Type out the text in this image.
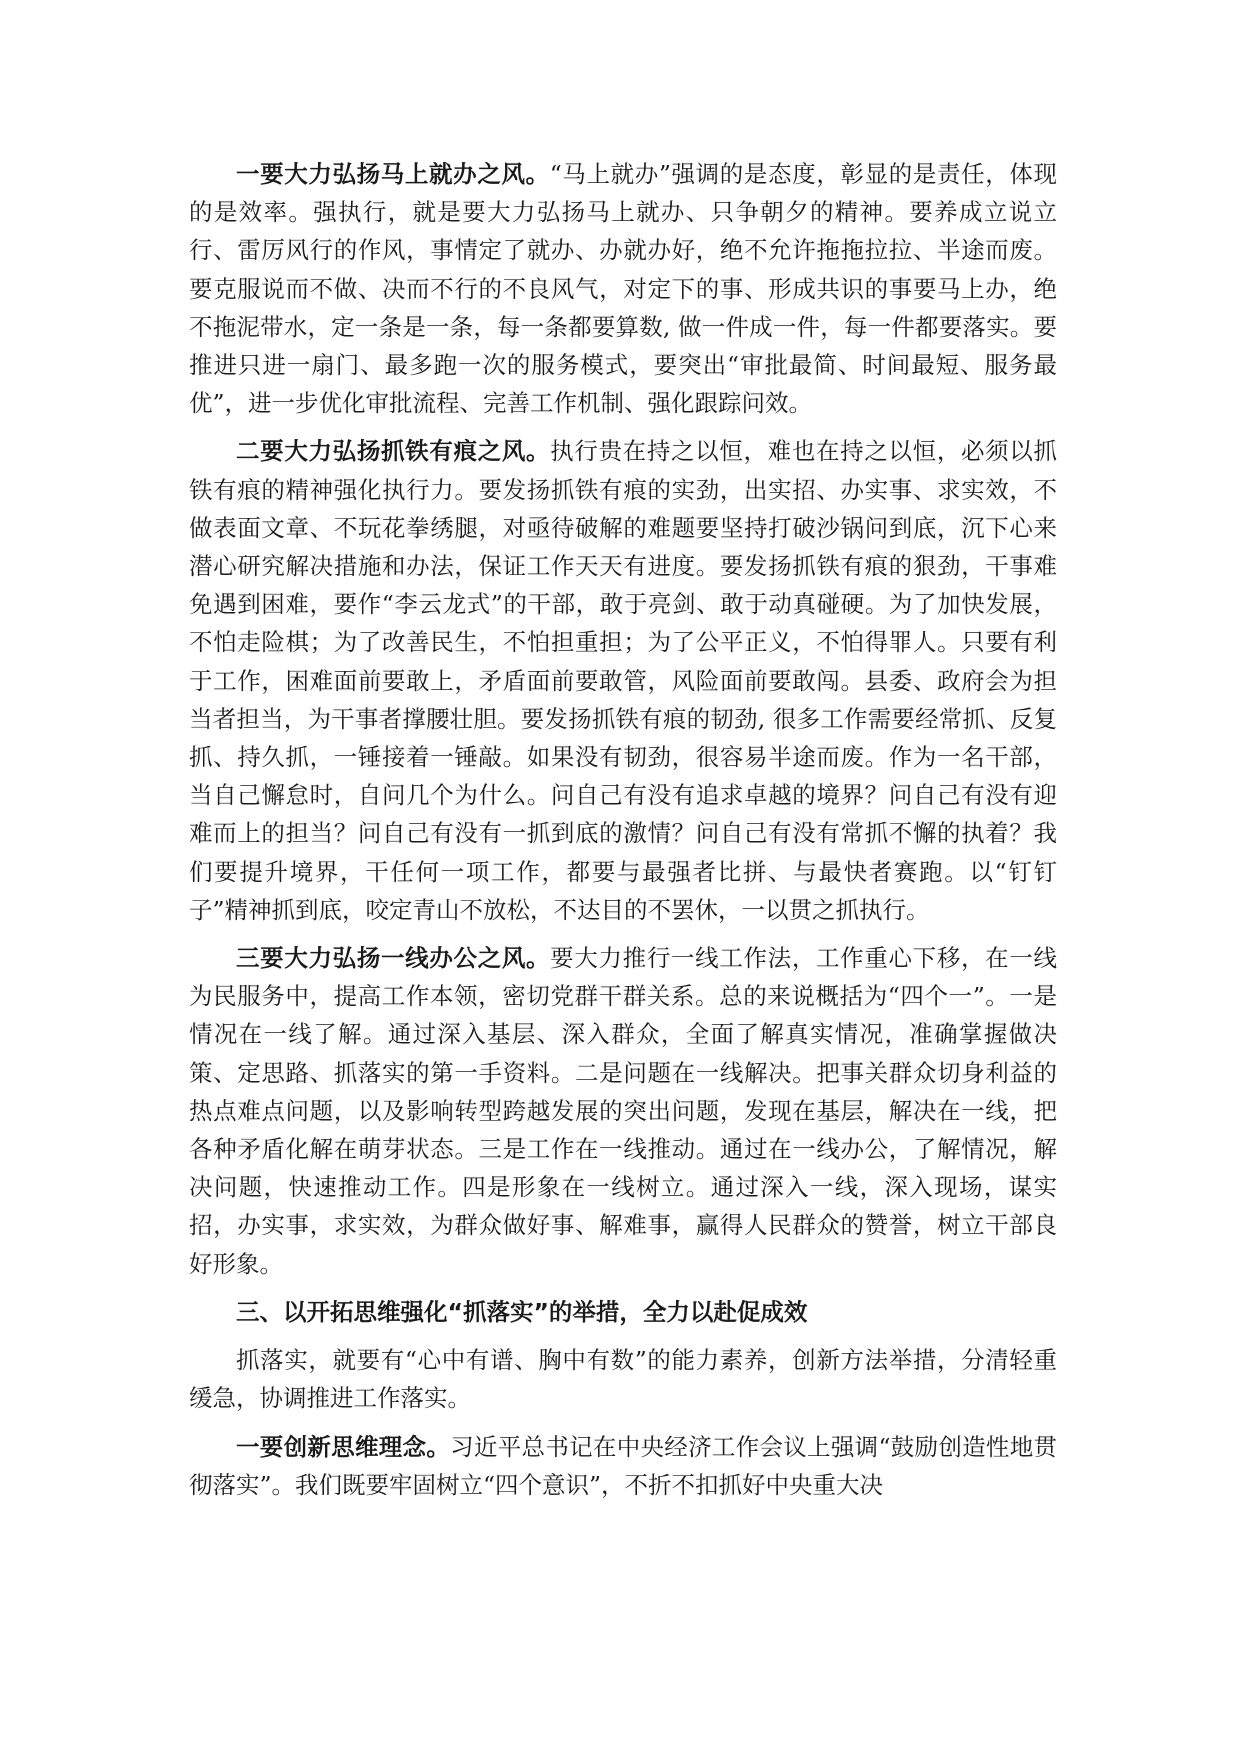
一要大力弘扬马上就办之风。“马上就办”强调的是态度，彰显的是责任，体现的是效率。强执行，就是要大力弘扬马上就办、只争朝夕的精神。要养成立说立行、雷厉风行的作风，事情定了就办、办就办好，绝不允许拖拖拉拉、半途而废。要克服说而不做、决而不行的不良风气，对定下的事、形成共识的事要马上办，绝不拖泥带水，定一条是一条，每一条都要算数, 做一件成一件，每一件都要落实。要推进只进一扇门、最多跑一次的服务模式，要突出“审批最简、时间最短、服务最优”，进一步优化审批流程、完善工作机制、强化跟踪问效。

二要大力弘扬抓铁有痕之风。执行贵在持之以恒，难也在持之以恒，必须以抓铁有痕的精神强化执行力。要发扬抓铁有痕的实劲，出实招、办实事、求实效，不做表面文章、不玩花拳绣腿，对亟待破解的难题要坚持打破沙锅问到底，沉下心来潜心研究解决措施和办法，保证工作天天有进度。要发扬抓铁有痕的狠劲，干事难免遇到困难，要作“李云龙式”的干部，敢于亮剑、敢于动真碰硬。为了加快发展，不怕走险棋；为了改善民生，不怕担重担；为了公平正义，不怕得罪人。只要有利于工作，困难面前要敢上，矛盾面前要敢管，风险面前要敢闯。县委、政府会为担当者担当，为干事者撑腰壮胆。要发扬抓铁有痕的韧劲, 很多工作需要经常抓、反复抓、持久抓，一锤接着一锤敲。如果没有韧劲，很容易半途而废。作为一名干部，当自己懈怠时，自问几个为什么。问自己有没有追求卓越的境界？问自己有没有迎难而上的担当？问自己有没有一抓到底的激情？问自己有没有常抓不懈的执着？我们要提升境界，干任何一项工作，都要与最强者比拼、与最快者赛跑。以“钉钉子”精神抓到底，咬定青山不放松，不达目的不罢休，一以贯之抓执行。

三要大力弘扬一线办公之风。要大力推行一线工作法，工作重心下移，在一线为民服务中，提高工作本领，密切党群干群关系。总的来说概括为“四个一”。一是情况在一线了解。通过深入基层、深入群众，全面了解真实情况，准确掌握做决策、定思路、抓落实的第一手资料。二是问题在一线解决。把事关群众切身利益的热点难点问题，以及影响转型跨越发展的突出问题，发现在基层，解决在一线，把各种矛盾化解在萌芽状态。三是工作在一线推动。通过在一线办公，了解情况，解决问题，快速推动工作。四是形象在一线树立。通过深入一线，深入现场，谋实招，办实事，求实效，为群众做好事、解难事，赢得人民群众的赞誉，树立干部良好形象。

三、以开拓思维强化“抓落实”的举措，全力以赴促成效

抓落实，就要有“心中有谱、胸中有数”的能力素养，创新方法举措，分清轻重缓急，协调推进工作落实。

一要创新思维理念。习近平总书记在中央经济工作会议上强调“鼓励创造性地贯彻落实”。我们既要牢固树立“四个意识”，不折不扣抓好中央重大决
